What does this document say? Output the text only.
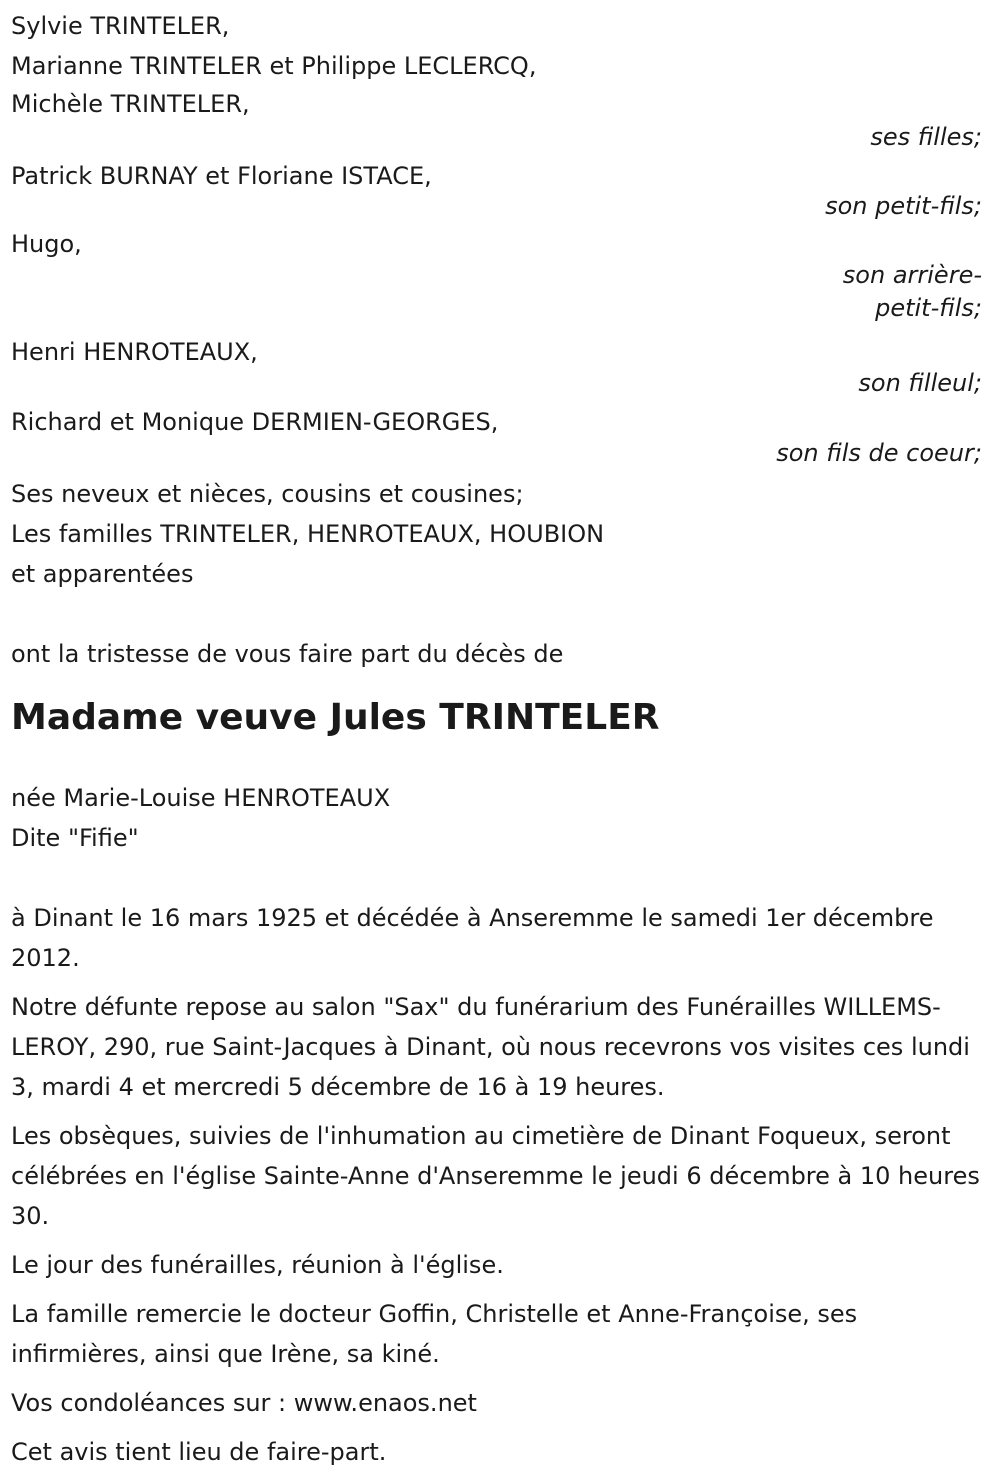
Sylvie TRINTELER,
Marianne TRINTELER et Philippe LECLERCQ,
Michèle TRINTELER,
ses filles;
Patrick BURNAY et Floriane ISTACE,
son petit-fils;
Hugo,
son arrière-
petit-fils;
Henri HENROTEAUX,
son filleul;
Richard et Monique DERMIEN-GEORGES,
son fils de coeur;
Ses neveux et nièces, cousins et cousines;
Les familles TRINTELER, HENROTEAUX, HOUBION
et apparentées
ont la tristesse de vous faire part du décès de
Madame veuve Jules TRINTELER
née Marie-Louise HENROTEAUX
Dite "Fifie"
à Dinant le 16 mars 1925 et décédée à Anseremme le samedi 1er décembre 2012.
Notre défunte repose au salon "Sax" du funérarium des Funérailles WILLEMS-LEROY, 290, rue Saint-Jacques à Dinant, où nous recevrons vos visites ces lundi 3, mardi 4 et mercredi 5 décembre de 16 à 19 heures.
Les obsèques, suivies de l'inhumation au cimetière de Dinant Foqueux, seront célébrées en l'église Sainte-Anne d'Anseremme le jeudi 6 décembre à 10 heures 30.
Le jour des funérailles, réunion à l'église.
La famille remercie le docteur Goffin, Christelle et Anne-Françoise, ses infirmières, ainsi que Irène, sa kiné.
Vos condoléances sur : www.enaos.net
Cet avis tient lieu de faire-part.
